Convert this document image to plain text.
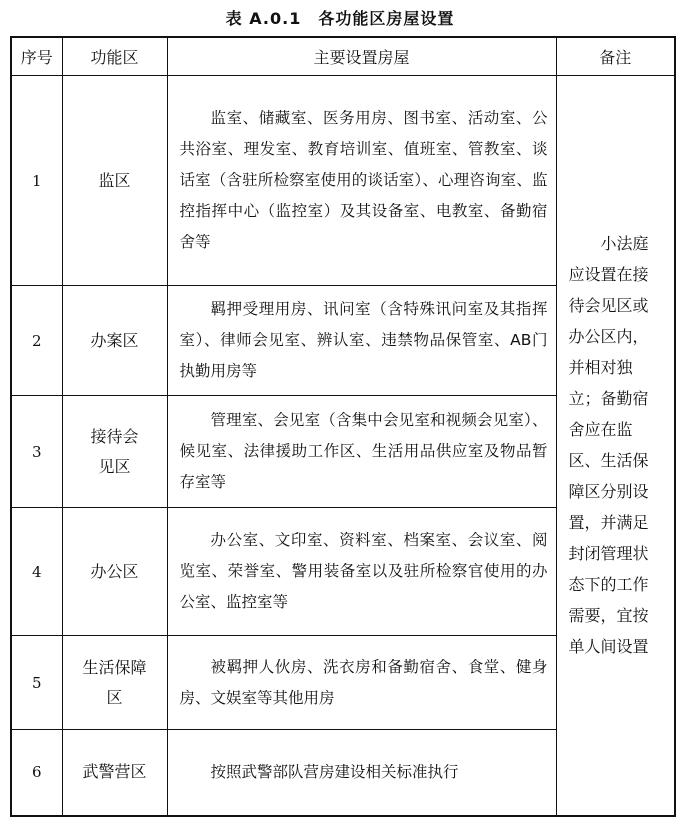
表 A.0.1　各功能区房屋设置
序号	功能区	主要设置房屋	备注
1	监区	监室、储藏室、医务用房、图书室、活动室、公共浴室、理发室、教育培训室、值班室、管教室、谈话室（含驻所检察室使用的谈话室）、心理咨询室、监控指挥中心（监控室）及其设备室、电教室、备勤宿舍等	小法庭应设置在接待会见区或办公区内，并相对独立；备勤宿舍应在监区、生活保障区分别设置，并满足封闭管理状态下的工作需要，宜按单人间设置

2	办案区	羁押受理用房、讯问室（含特殊讯问室及其指挥室）、律师会见室、辨认室、违禁物品保管室、AB门执勤用房等	

3	接待会见区	管理室、会见室（含集中会见室和视频会见室）、候见室、法律援助工作区、生活用品供应室及物品暂存室等	

4	办公区	办公室、文印室、资料室、档案室、会议室、阅览室、荣誉室、警用装备室以及驻所检察官使用的办公室、监控室等	

5	生活保障区	被羁押人伙房、洗衣房和备勤宿舍、食堂、健身房、文娱室等其他用房	

6	武警营区	按照武警部队营房建设相关标准执行	
